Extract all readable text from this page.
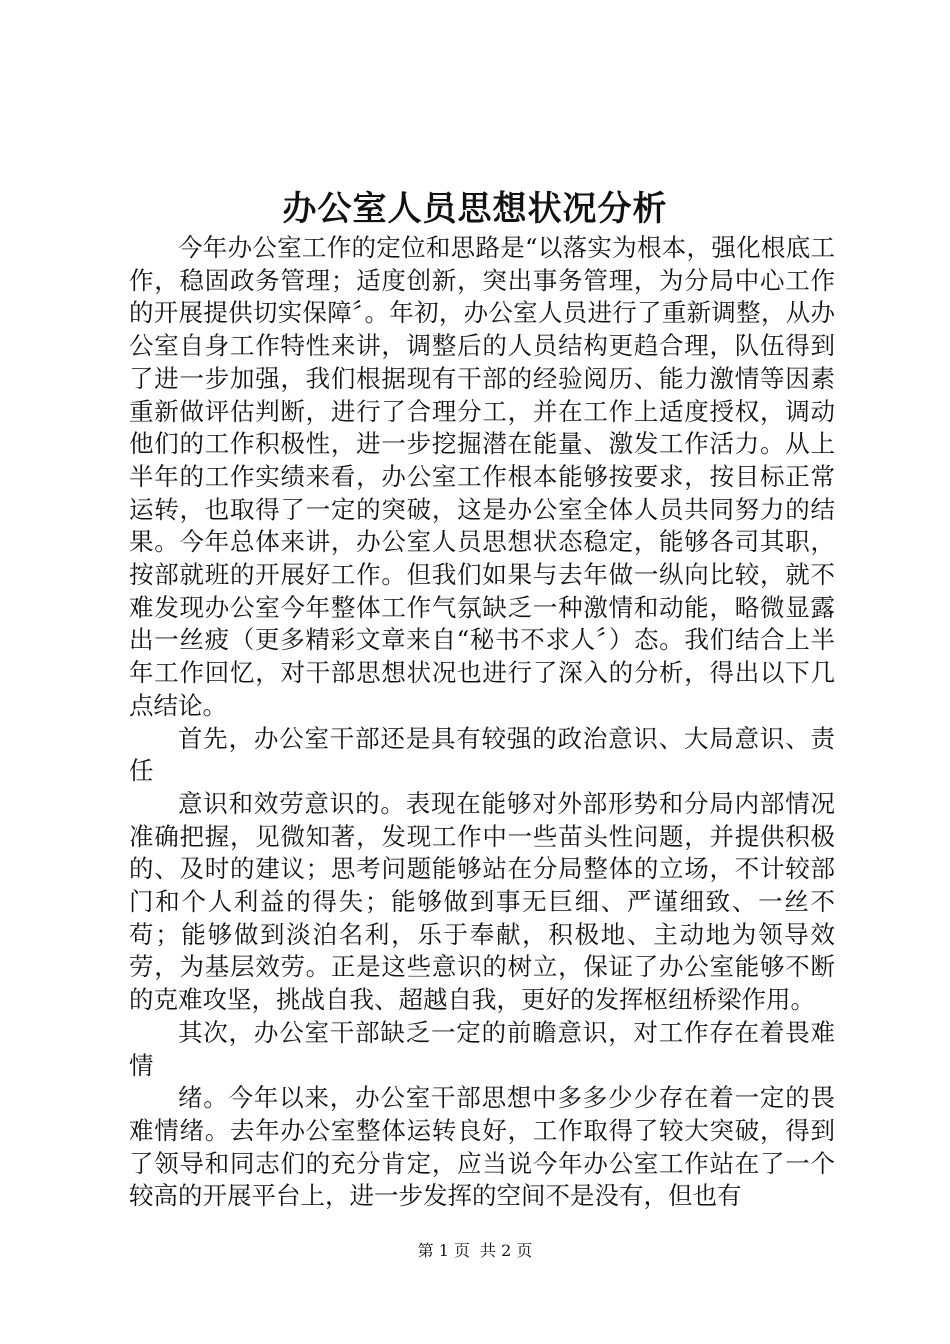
办公室人员思想状况分析

今年办公室工作的定位和思路是“以落实为根本，强化根底工作，稳固政务管理；适度创新，突出事务管理，为分局中心工作的开展提供切实保障〞。年初，办公室人员进行了重新调整，从办公室自身工作特性来讲，调整后的人员结构更趋合理，队伍得到了进一步加强，我们根据现有干部的经验阅历、能力激情等因素重新做评估判断，进行了合理分工，并在工作上适度授权，调动他们的工作积极性，进一步挖掘潜在能量、激发工作活力。从上半年的工作实绩来看，办公室工作根本能够按要求，按目标正常运转，也取得了一定的突破，这是办公室全体人员共同努力的结果。今年总体来讲，办公室人员思想状态稳定，能够各司其职，按部就班的开展好工作。但我们如果与去年做一纵向比较，就不难发现办公室今年整体工作气氛缺乏一种激情和动能，略微显露出一丝疲（更多精彩文章来自“秘书不求人〞）态。我们结合上半年工作回忆，对干部思想状况也进行了深入的分析，得出以下几点结论。

首先，办公室干部还是具有较强的政治意识、大局意识、责任

意识和效劳意识的。表现在能够对外部形势和分局内部情况准确把握，见微知著，发现工作中一些苗头性问题，并提供积极的、及时的建议；思考问题能够站在分局整体的立场，不计较部门和个人利益的得失；能够做到事无巨细、严谨细致、一丝不苟；能够做到淡泊名利，乐于奉献，积极地、主动地为领导效劳，为基层效劳。正是这些意识的树立，保证了办公室能够不断的克难攻坚，挑战自我、超越自我，更好的发挥枢纽桥梁作用。

其次，办公室干部缺乏一定的前瞻意识，对工作存在着畏难情

绪。今年以来，办公室干部思想中多多少少存在着一定的畏难情绪。去年办公室整体运转良好，工作取得了较大突破，得到了领导和同志们的充分肯定，应当说今年办公室工作站在了一个较高的开展平台上，进一步发挥的空间不是没有，但也有

第 1 页 共 2 页
